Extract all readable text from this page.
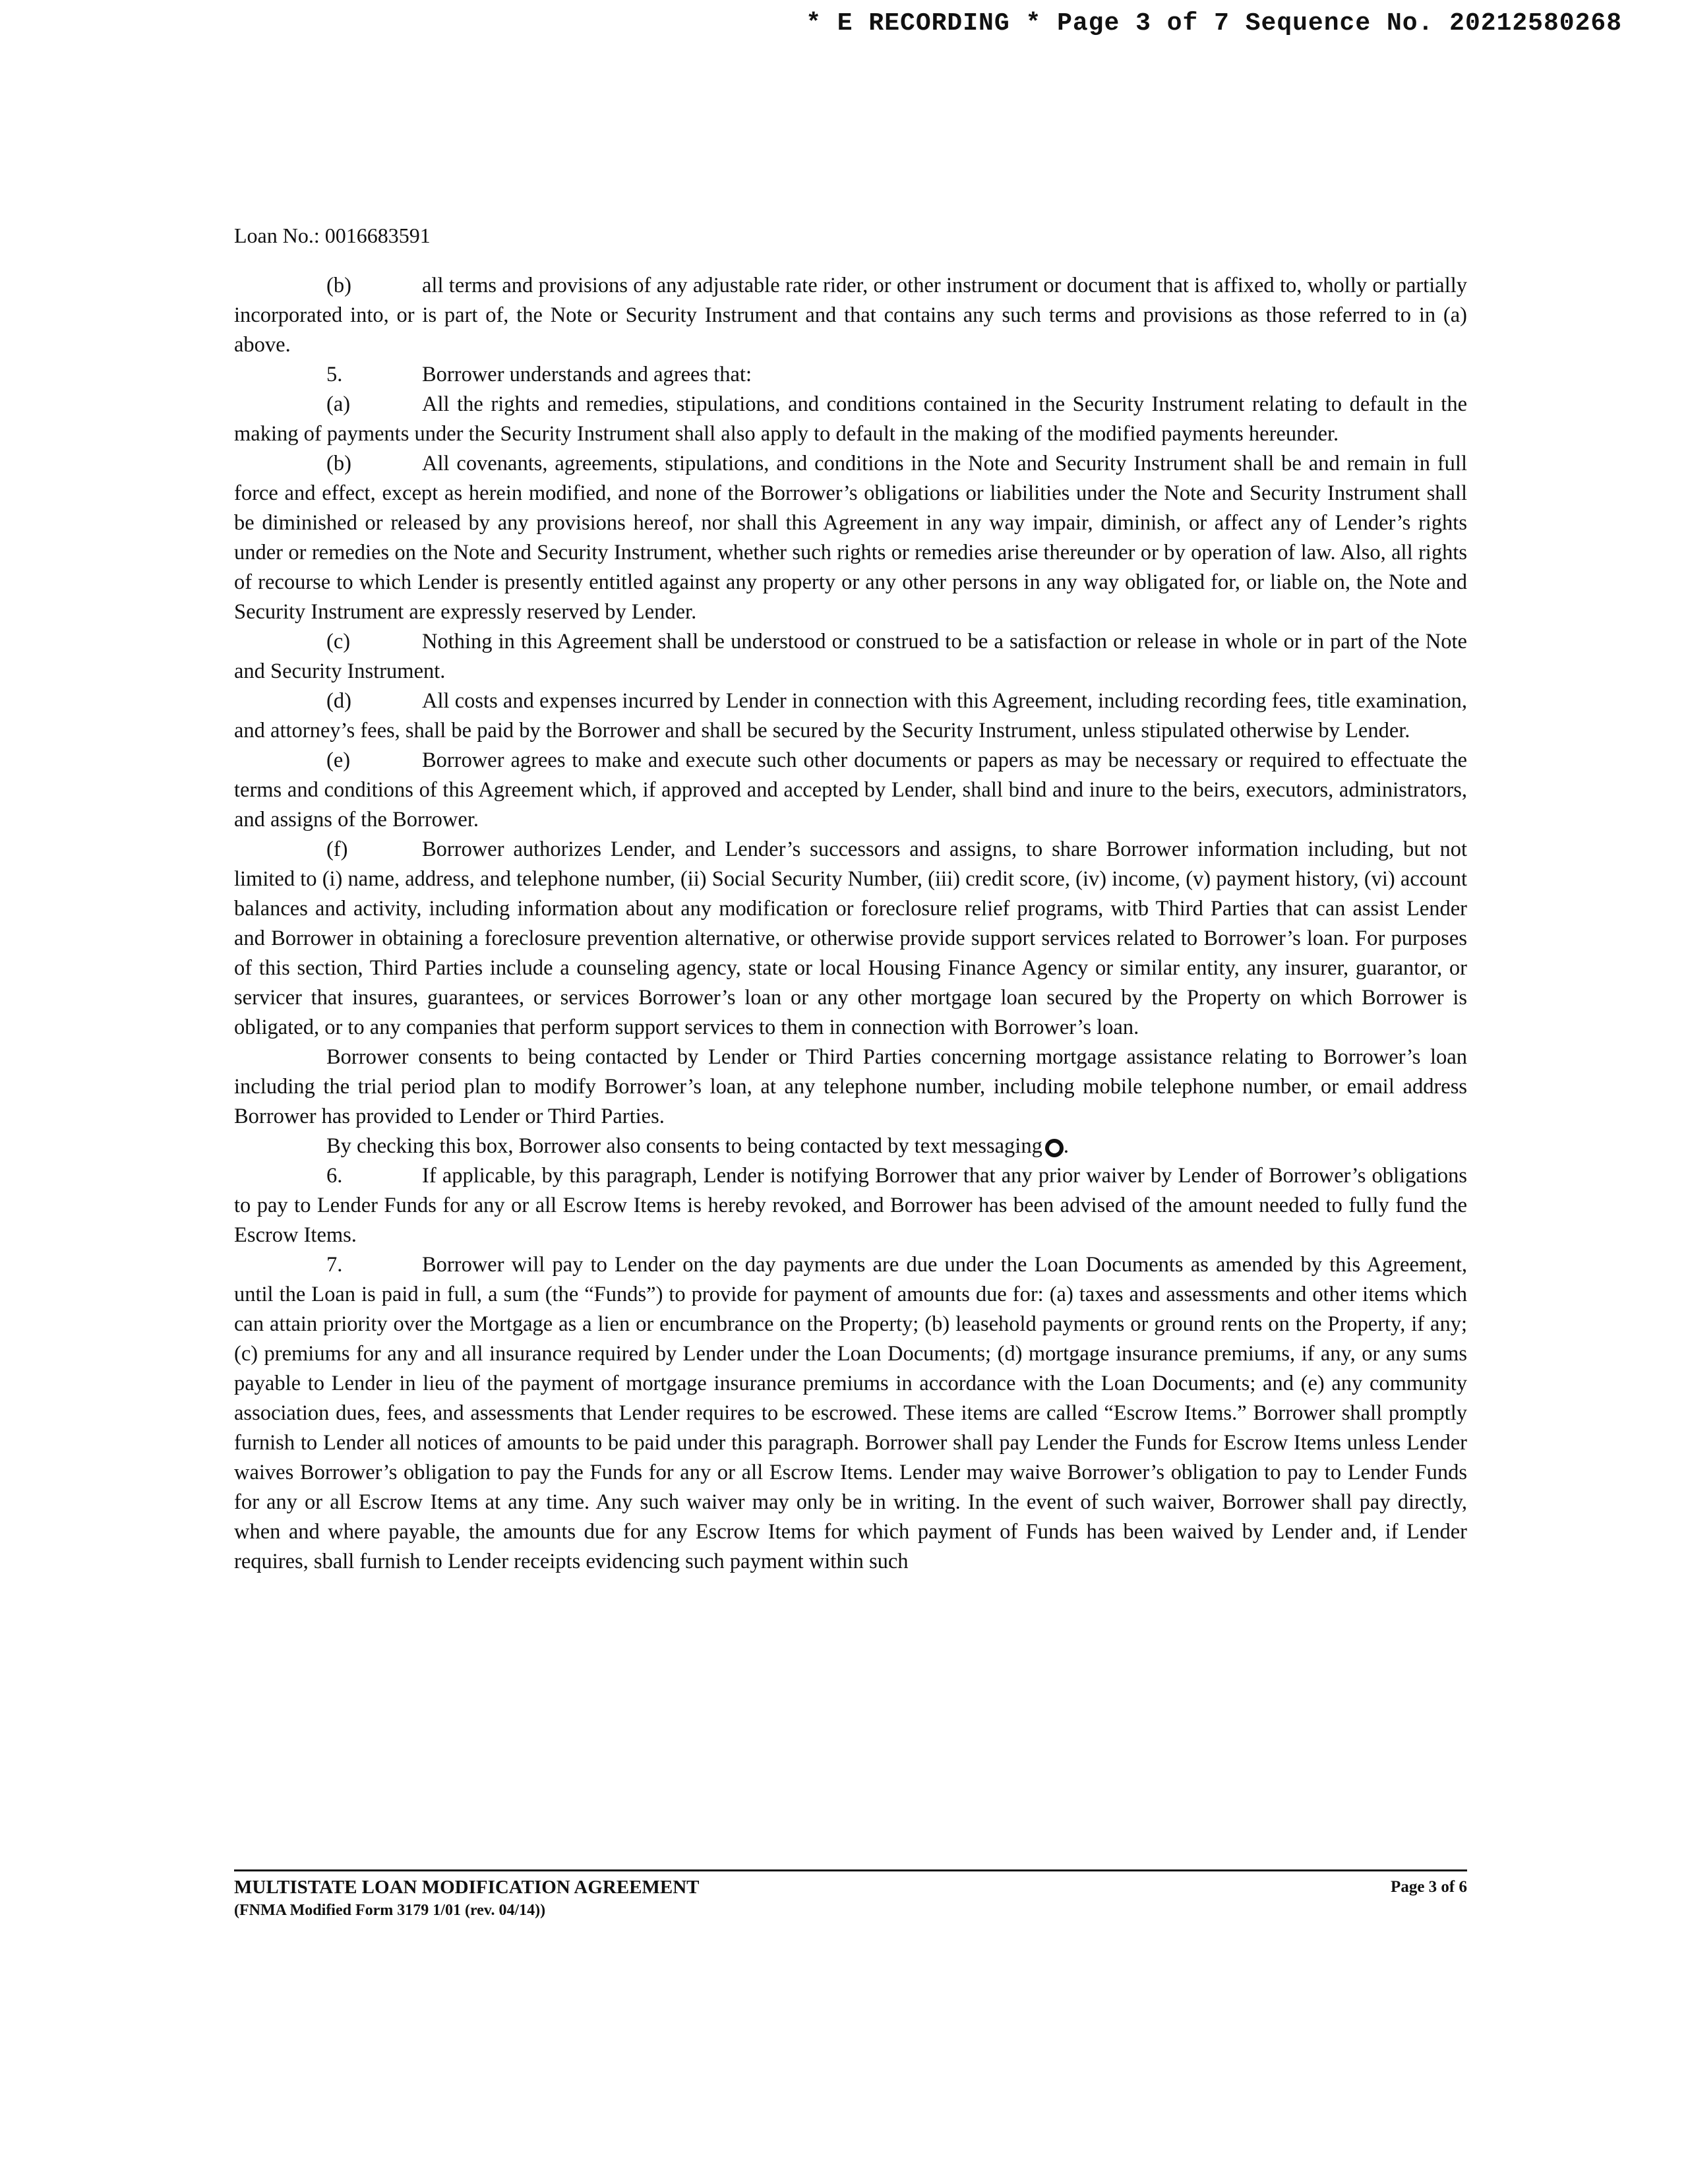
* E RECORDING * Page 3 of 7 Sequence No. 20212580268
Loan No.: 0016683591

(b)	all terms and provisions of any adjustable rate rider, or other instrument or document that is affixed to, wholly or partially incorporated into, or is part of, the Note or Security Instrument and that contains any such terms and provisions as those referred to in (a) above.

5.	Borrower understands and agrees that:

(a)	All the rights and remedies, stipulations, and conditions contained in the Security Instrument relating to default in the making of payments under the Security Instrument shall also apply to default in the making of the modified payments hereunder.

(b)	All covenants, agreements, stipulations, and conditions in the Note and Security Instrument shall be and remain in full force and effect, except as herein modified, and none of the Borrower’s obligations or liabilities under the Note and Security Instrument shall be diminished or released by any provisions hereof, nor shall this Agreement in any way impair, diminish, or affect any of Lender’s rights under or remedies on the Note and Security Instrument, whether such rights or remedies arise thereunder or by operation of law. Also, all rights of recourse to which Lender is presently entitled against any property or any other persons in any way obligated for, or liable on, the Note and Security Instrument are expressly reserved by Lender.

(c)	Nothing in this Agreement shall be understood or construed to be a satisfaction or release in whole or in part of the Note and Security Instrument.

(d)	All costs and expenses incurred by Lender in connection with this Agreement, including recording fees, title examination, and attorney’s fees, shall be paid by the Borrower and shall be secured by the Security Instrument, unless stipulated otherwise by Lender.

(e)	Borrower agrees to make and execute such other documents or papers as may be necessary or required to effectuate the terms and conditions of this Agreement which, if approved and accepted by Lender, shall bind and inure to the beirs, executors, administrators, and assigns of the Borrower.

(f)	Borrower authorizes Lender, and Lender’s successors and assigns, to share Borrower information including, but not limited to (i) name, address, and telephone number, (ii) Social Security Number, (iii) credit score, (iv) income, (v) payment history, (vi) account balances and activity, including information about any modification or foreclosure relief programs, witb Third Parties that can assist Lender and Borrower in obtaining a foreclosure prevention alternative, or otherwise provide support services related to Borrower’s loan. For purposes of this section, Third Parties include a counseling agency, state or local Housing Finance Agency or similar entity, any insurer, guarantor, or servicer that insures, guarantees, or services Borrower’s loan or any other mortgage loan secured by the Property on which Borrower is obligated, or to any companies that perform support services to them in connection with Borrower’s loan.

Borrower consents to being contacted by Lender or Third Parties concerning mortgage assistance relating to Borrower’s loan including the trial period plan to modify Borrower’s loan, at any telephone number, including mobile telephone number, or email address Borrower has provided to Lender or Third Parties.

By checking this box, Borrower also consents to being contacted by text messaging .

6.	If applicable, by this paragraph, Lender is notifying Borrower that any prior waiver by Lender of Borrower’s obligations to pay to Lender Funds for any or all Escrow Items is hereby revoked, and Borrower has been advised of the amount needed to fully fund the Escrow Items.

7.	Borrower will pay to Lender on the day payments are due under the Loan Documents as amended by this Agreement, until the Loan is paid in full, a sum (the “Funds”) to provide for payment of amounts due for: (a) taxes and assessments and other items which can attain priority over the Mortgage as a lien or encumbrance on the Property; (b) leasehold payments or ground rents on the Property, if any; (c) premiums for any and all insurance required by Lender under the Loan Documents; (d) mortgage insurance premiums, if any, or any sums payable to Lender in lieu of the payment of mortgage insurance premiums in accordance with the Loan Documents; and (e) any community association dues, fees, and assessments that Lender requires to be escrowed. These items are called “Escrow Items.” Borrower shall promptly furnish to Lender all notices of amounts to be paid under this paragraph. Borrower shall pay Lender the Funds for Escrow Items unless Lender waives Borrower’s obligation to pay the Funds for any or all Escrow Items. Lender may waive Borrower’s obligation to pay to Lender Funds for any or all Escrow Items at any time. Any such waiver may only be in writing. In the event of such waiver, Borrower shall pay directly, when and where payable, the amounts due for any Escrow Items for which payment of Funds has been waived by Lender and, if Lender requires, sball furnish to Lender receipts evidencing such payment within such

MULTISTATE LOAN MODIFICATION AGREEMENT
(FNMA Modified Form 3179 1/01 (rev. 04/14))
Page 3 of 6
